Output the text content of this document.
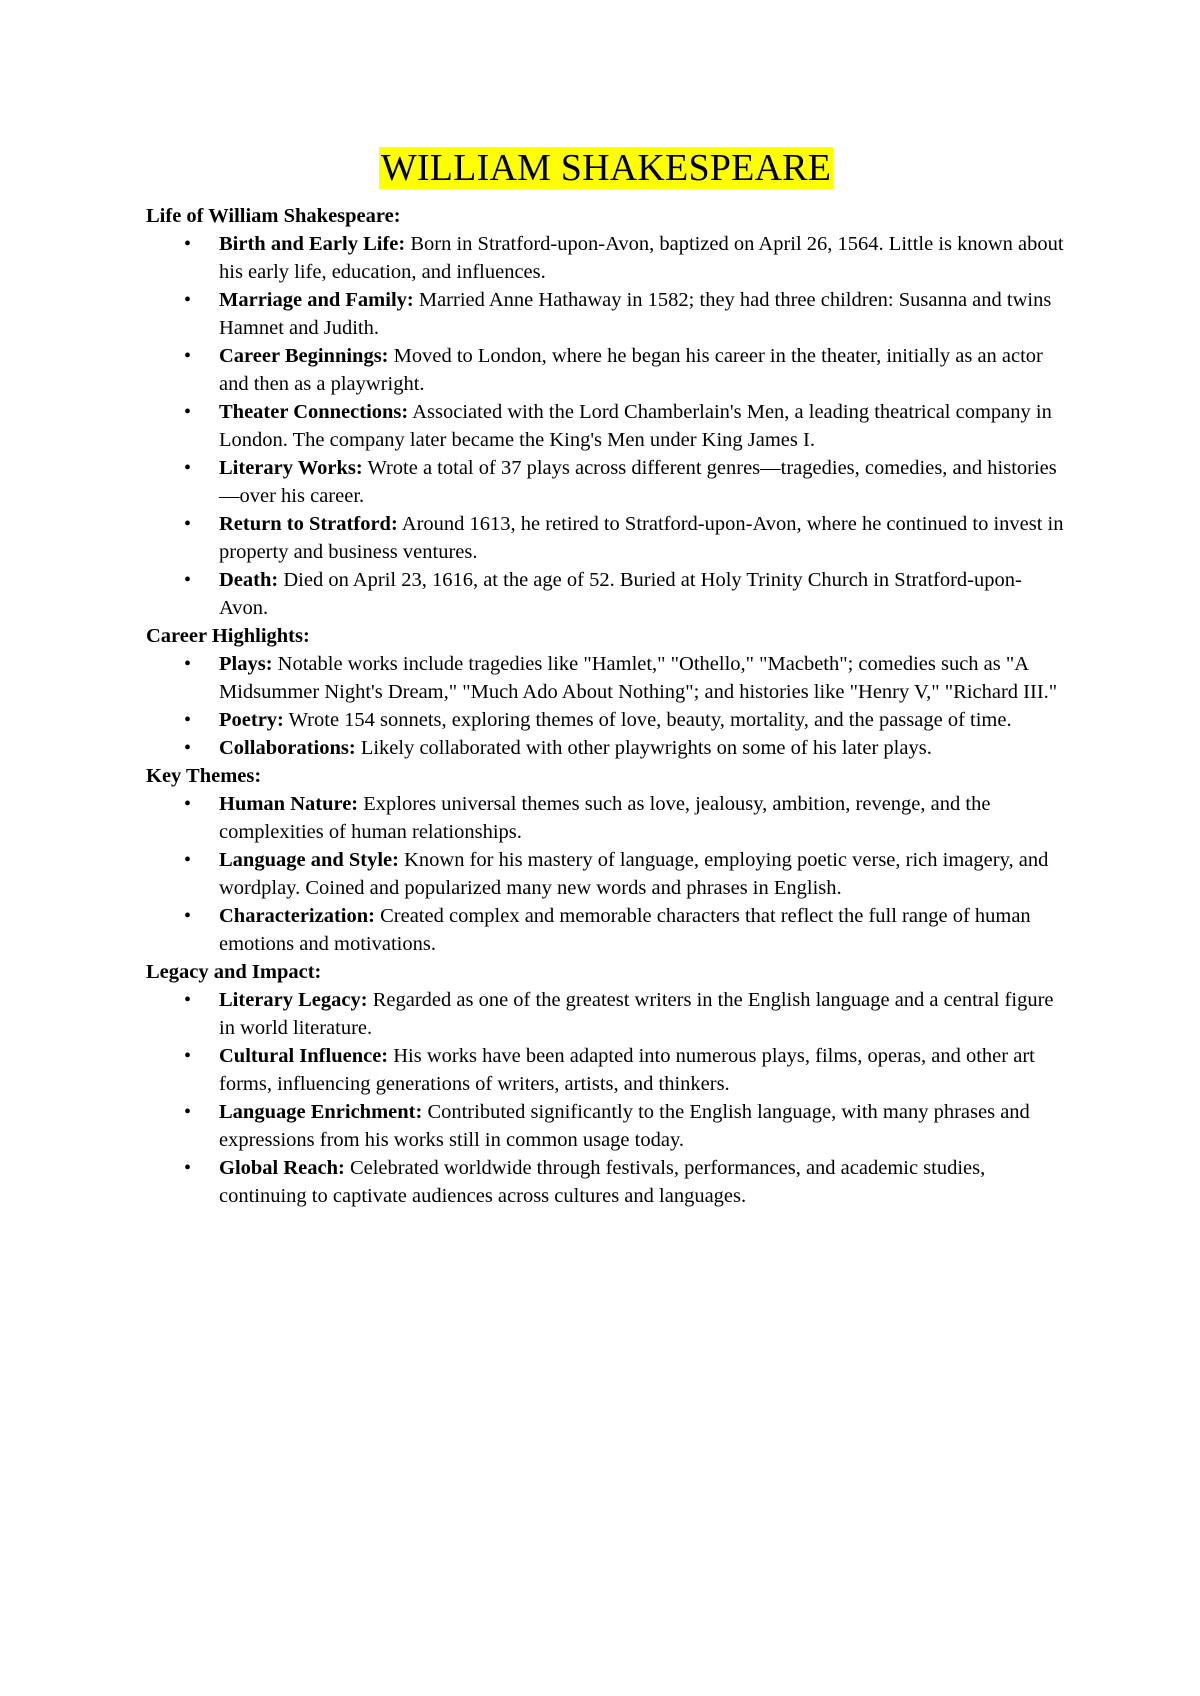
WILLIAM SHAKESPEARE
Life of William Shakespeare:
• Birth and Early Life: Born in Stratford-upon-Avon, baptized on April 26, 1564. Little is known about his early life, education, and influences.
• Marriage and Family: Married Anne Hathaway in 1582; they had three children: Susanna and twins Hamnet and Judith.
• Career Beginnings: Moved to London, where he began his career in the theater, initially as an actor and then as a playwright.
• Theater Connections: Associated with the Lord Chamberlain's Men, a leading theatrical company in London. The company later became the King's Men under King James I.
• Literary Works: Wrote a total of 37 plays across different genres—tragedies, comedies, and histories—over his career.
• Return to Stratford: Around 1613, he retired to Stratford-upon-Avon, where he continued to invest in property and business ventures.
• Death: Died on April 23, 1616, at the age of 52. Buried at Holy Trinity Church in Stratford-upon-Avon.
Career Highlights:
• Plays: Notable works include tragedies like "Hamlet," "Othello," "Macbeth"; comedies such as "A Midsummer Night's Dream," "Much Ado About Nothing"; and histories like "Henry V," "Richard III."
• Poetry: Wrote 154 sonnets, exploring themes of love, beauty, mortality, and the passage of time.
• Collaborations: Likely collaborated with other playwrights on some of his later plays.
Key Themes:
• Human Nature: Explores universal themes such as love, jealousy, ambition, revenge, and the complexities of human relationships.
• Language and Style: Known for his mastery of language, employing poetic verse, rich imagery, and wordplay. Coined and popularized many new words and phrases in English.
• Characterization: Created complex and memorable characters that reflect the full range of human emotions and motivations.
Legacy and Impact:
• Literary Legacy: Regarded as one of the greatest writers in the English language and a central figure in world literature.
• Cultural Influence: His works have been adapted into numerous plays, films, operas, and other art forms, influencing generations of writers, artists, and thinkers.
• Language Enrichment: Contributed significantly to the English language, with many phrases and expressions from his works still in common usage today.
• Global Reach: Celebrated worldwide through festivals, performances, and academic studies, continuing to captivate audiences across cultures and languages.
